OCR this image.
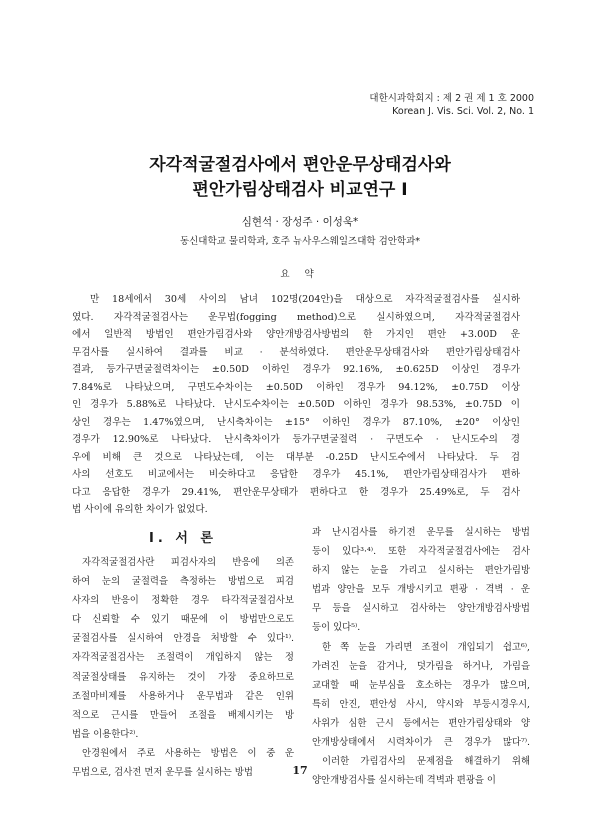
대한시과학회지 : 제 2 권 제 1 호 2000
Korean J. Vis. Sci. Vol. 2, No. 1
자각적굴절검사에서 편안운무상태검사와
편안가림상태검사 비교연구 I
심현석 · 장성주 · 이성욱*
동신대학교 물리학과, 호주 뉴사우스웨일즈대학 검안학과*
요 약
만 18세에서 30세 사이의 남녀 102명(204안)을 대상으로 자각적굴절검사를 실시하
였다. 자각적굴절검사는 운무법(fogging method)으로 실시하였으며, 자각적굴절검사
에서 일반적 방법인 편안가림검사와 양안개방검사방법의 한 가지인 편안 +3.00D 운
무검사를 실시하여 결과를 비교 · 분석하였다. 편안운무상태검사와 편안가림상태검사
결과, 등가구면굴절력차이는 ±0.50D 이하인 경우가 92.16%, ±0.625D 이상인 경우가
7.84%로 나타났으며, 구면도수차이는 ±0.50D 이하인 경우가 94.12%, ±0.75D 이상
인 경우가 5.88%로 나타났다. 난시도수차이는 ±0.50D 이하인 경우가 98.53%, ±0.75D 이
상인 경우는 1.47%였으며, 난시축차이는 ±15° 이하인 경우가 87.10%, ±20° 이상인
경우가 12.90%로 나타났다. 난시축차이가 등가구면굴절력 · 구면도수 · 난시도수의 경
우에 비해 큰 것으로 나타났는데, 이는 대부분 -0.25D 난시도수에서 나타났다. 두 검
사의 선호도 비교에서는 비슷하다고 응답한 경우가 45.1%, 편안가림상태검사가 편하
다고 응답한 경우가 29.41%, 편안운무상태가 편하다고 한 경우가 25.49%로, 두 검사
법 사이에 유의한 차이가 없었다.
I. 서 론
자각적굴절검사란 피검사자의 반응에 의존
하여 눈의 굴절력을 측정하는 방법으로 피검
사자의 반응이 정확한 경우 타각적굴절검사보
다 신뢰할 수 있기 때문에 이 방법만으로도
굴절검사를 실시하여 안경을 처방할 수 있다¹⁾.
자각적굴절검사는 조절력이 개입하지 않는 정
적굴절상태를 유지하는 것이 가장 중요하므로
조절마비제를 사용하거나 운무법과 같은 인위
적으로 근시를 만들어 조절을 배제시키는 방
법을 이용한다²⁾.
안경원에서 주로 사용하는 방법은 이 중 운
무법으로, 검사전 먼저 운무를 실시하는 방법
과 난시검사를 하기전 운무를 실시하는 방법
등이 있다³·⁴⁾. 또한 자각적굴절검사에는 검사
하지 않는 눈을 가리고 실시하는 편안가림방
법과 양안을 모두 개방시키고 편광 · 격벽 · 운
무 등을 실시하고 검사하는 양안개방검사방법
등이 있다⁵⁾.
한 쪽 눈을 가리면 조절이 개입되기 쉽고⁶⁾,
가려진 눈을 감거나, 덧가림을 하거나, 가림을
교대할 때 눈부심을 호소하는 경우가 많으며,
특히 안진, 편안성 사시, 약시와 부등시경우시,
사위가 심한 근시 등에서는 편안가림상태와 양
안개방상태에서 시력차이가 큰 경우가 많다⁷⁾.
이러한 가림검사의 문제점을 해결하기 위해
양안개방검사를 실시하는데 격벽과 편광을 이
17
